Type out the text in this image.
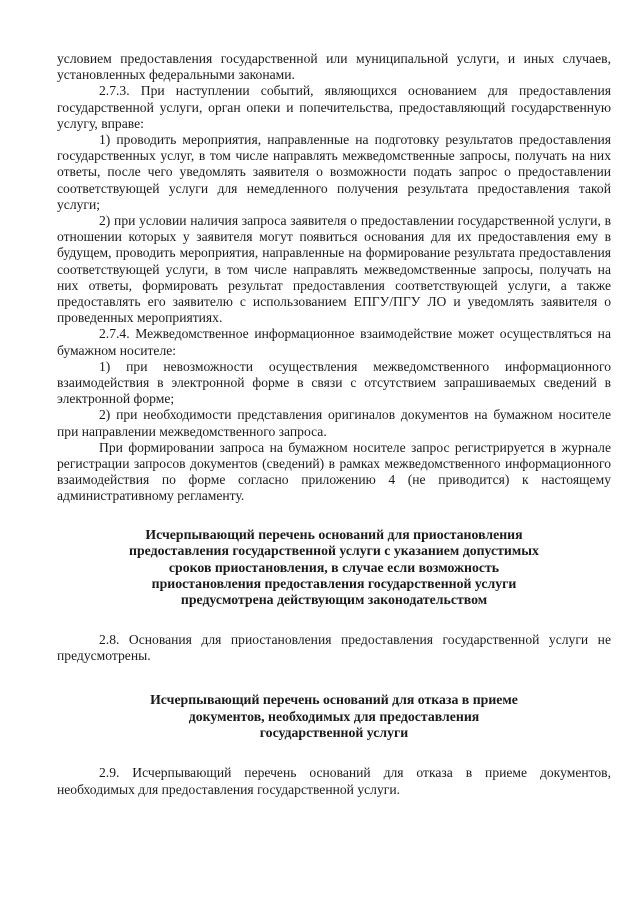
условием предоставления государственной или муниципальной услуги, и иных случаев, установленных федеральными законами.

2.7.3. При наступлении событий, являющихся основанием для предоставления государственной услуги, орган опеки и попечительства, предоставляющий государственную услугу, вправе:

1) проводить мероприятия, направленные на подготовку результатов предоставления государственных услуг, в том числе направлять межведомственные запросы, получать на них ответы, после чего уведомлять заявителя о возможности подать запрос о предоставлении соответствующей услуги для немедленного получения результата предоставления такой услуги;

2) при условии наличия запроса заявителя о предоставлении государственной услуги, в отношении которых у заявителя могут появиться основания для их предоставления ему в будущем, проводить мероприятия, направленные на формирование результата предоставления соответствующей услуги, в том числе направлять межведомственные запросы, получать на них ответы, формировать результат предоставления соответствующей услуги, а также предоставлять его заявителю с использованием ЕПГУ/ПГУ ЛО и уведомлять заявителя о проведенных мероприятиях.

2.7.4. Межведомственное информационное взаимодействие может осуществляться на бумажном носителе:

1) при невозможности осуществления межведомственного информационного взаимодействия в электронной форме в связи с отсутствием запрашиваемых сведений в электронной форме;

2) при необходимости представления оригиналов документов на бумажном носителе при направлении межведомственного запроса.

При формировании запроса на бумажном носителе запрос регистрируется в журнале регистрации запросов документов (сведений) в рамках межведомственного информационного взаимодействия по форме согласно приложению 4 (не приводится) к настоящему административному регламенту.

Исчерпывающий перечень оснований для приостановления
предоставления государственной услуги с указанием допустимых
сроков приостановления, в случае если возможность
приостановления предоставления государственной услуги
предусмотрена действующим законодательством

2.8. Основания для приостановления предоставления государственной услуги не предусмотрены.

Исчерпывающий перечень оснований для отказа в приеме
документов, необходимых для предоставления
государственной услуги

2.9. Исчерпывающий перечень оснований для отказа в приеме документов, необходимых для предоставления государственной услуги.
